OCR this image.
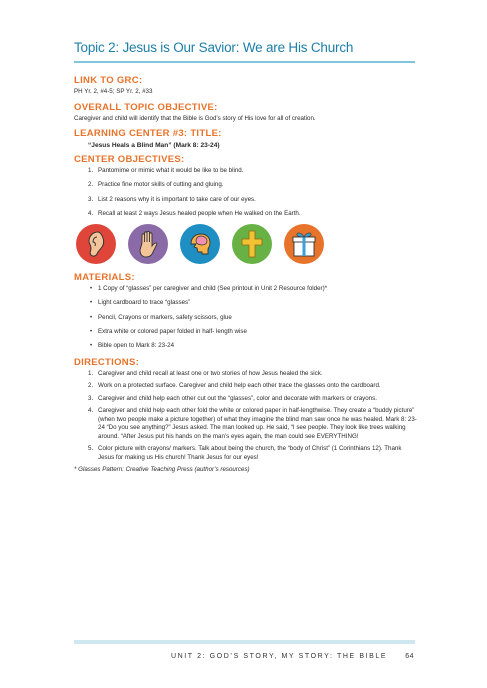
Topic 2: Jesus is Our Savior: We are His Church
LINK TO GRC:

PH Yr. 2, #4-5; SP Yr. 2, #33

OVERALL TOPIC OBJECTIVE:

Caregiver and child will identify that the Bible is God’s story of His love for all of creation.

LEARNING CENTER #3: TITLE:
“Jesus Heals a Blind Man” (Mark 8: 23-24)
CENTER OBJECTIVES:
1. Pantomime or mimic what it would be like to be blind.
2. Practice fine motor skills of cutting and gluing.
3. List 2 reasons why it is important to take care of our eyes.
4. Recall at least 2 ways Jesus healed people when He walked on the Earth.
MATERIALS:
• 1 Copy of “glasses” per caregiver and child (See printout in Unit 2 Resource folder)*
• Light cardboard to trace “glasses”
• Pencil, Crayons or markers, safety scissors, glue
• Extra white or colored paper folded in half- length wise
• Bible open to Mark 8: 23-24
DIRECTIONS:
1. Caregiver and child recall at least one or two stories of how Jesus healed the sick.
2. Work on a protected surface. Caregiver and child help each other trace the glasses onto the cardboard.
3. Caregiver and child help each other cut out the “glasses”, color and decorate with markers or crayons.
4. Caregiver and child help each other fold the white or colored paper in half-lengthwise. They create a “buddy picture” (when two people make a picture together) of what they imagine the blind man saw once he was healed. Mark 8: 23-24 “Do you see anything?” Jesus asked. The man looked up. He said, “I see people. They look like trees walking around. “After Jesus put his hands on the man’s eyes again, the man could see EVERYTHING!
5. Color picture with crayons/ markers. Talk about being the church, the “body of Christ” (1 Corinthians 12). Thank Jesus for making us His church! Thank Jesus for our eyes!
* Glasses Pattern: Creative Teaching Press (author’s resources)
UNIT 2: GOD’S STORY, MY STORY: THE BIBLE	64
